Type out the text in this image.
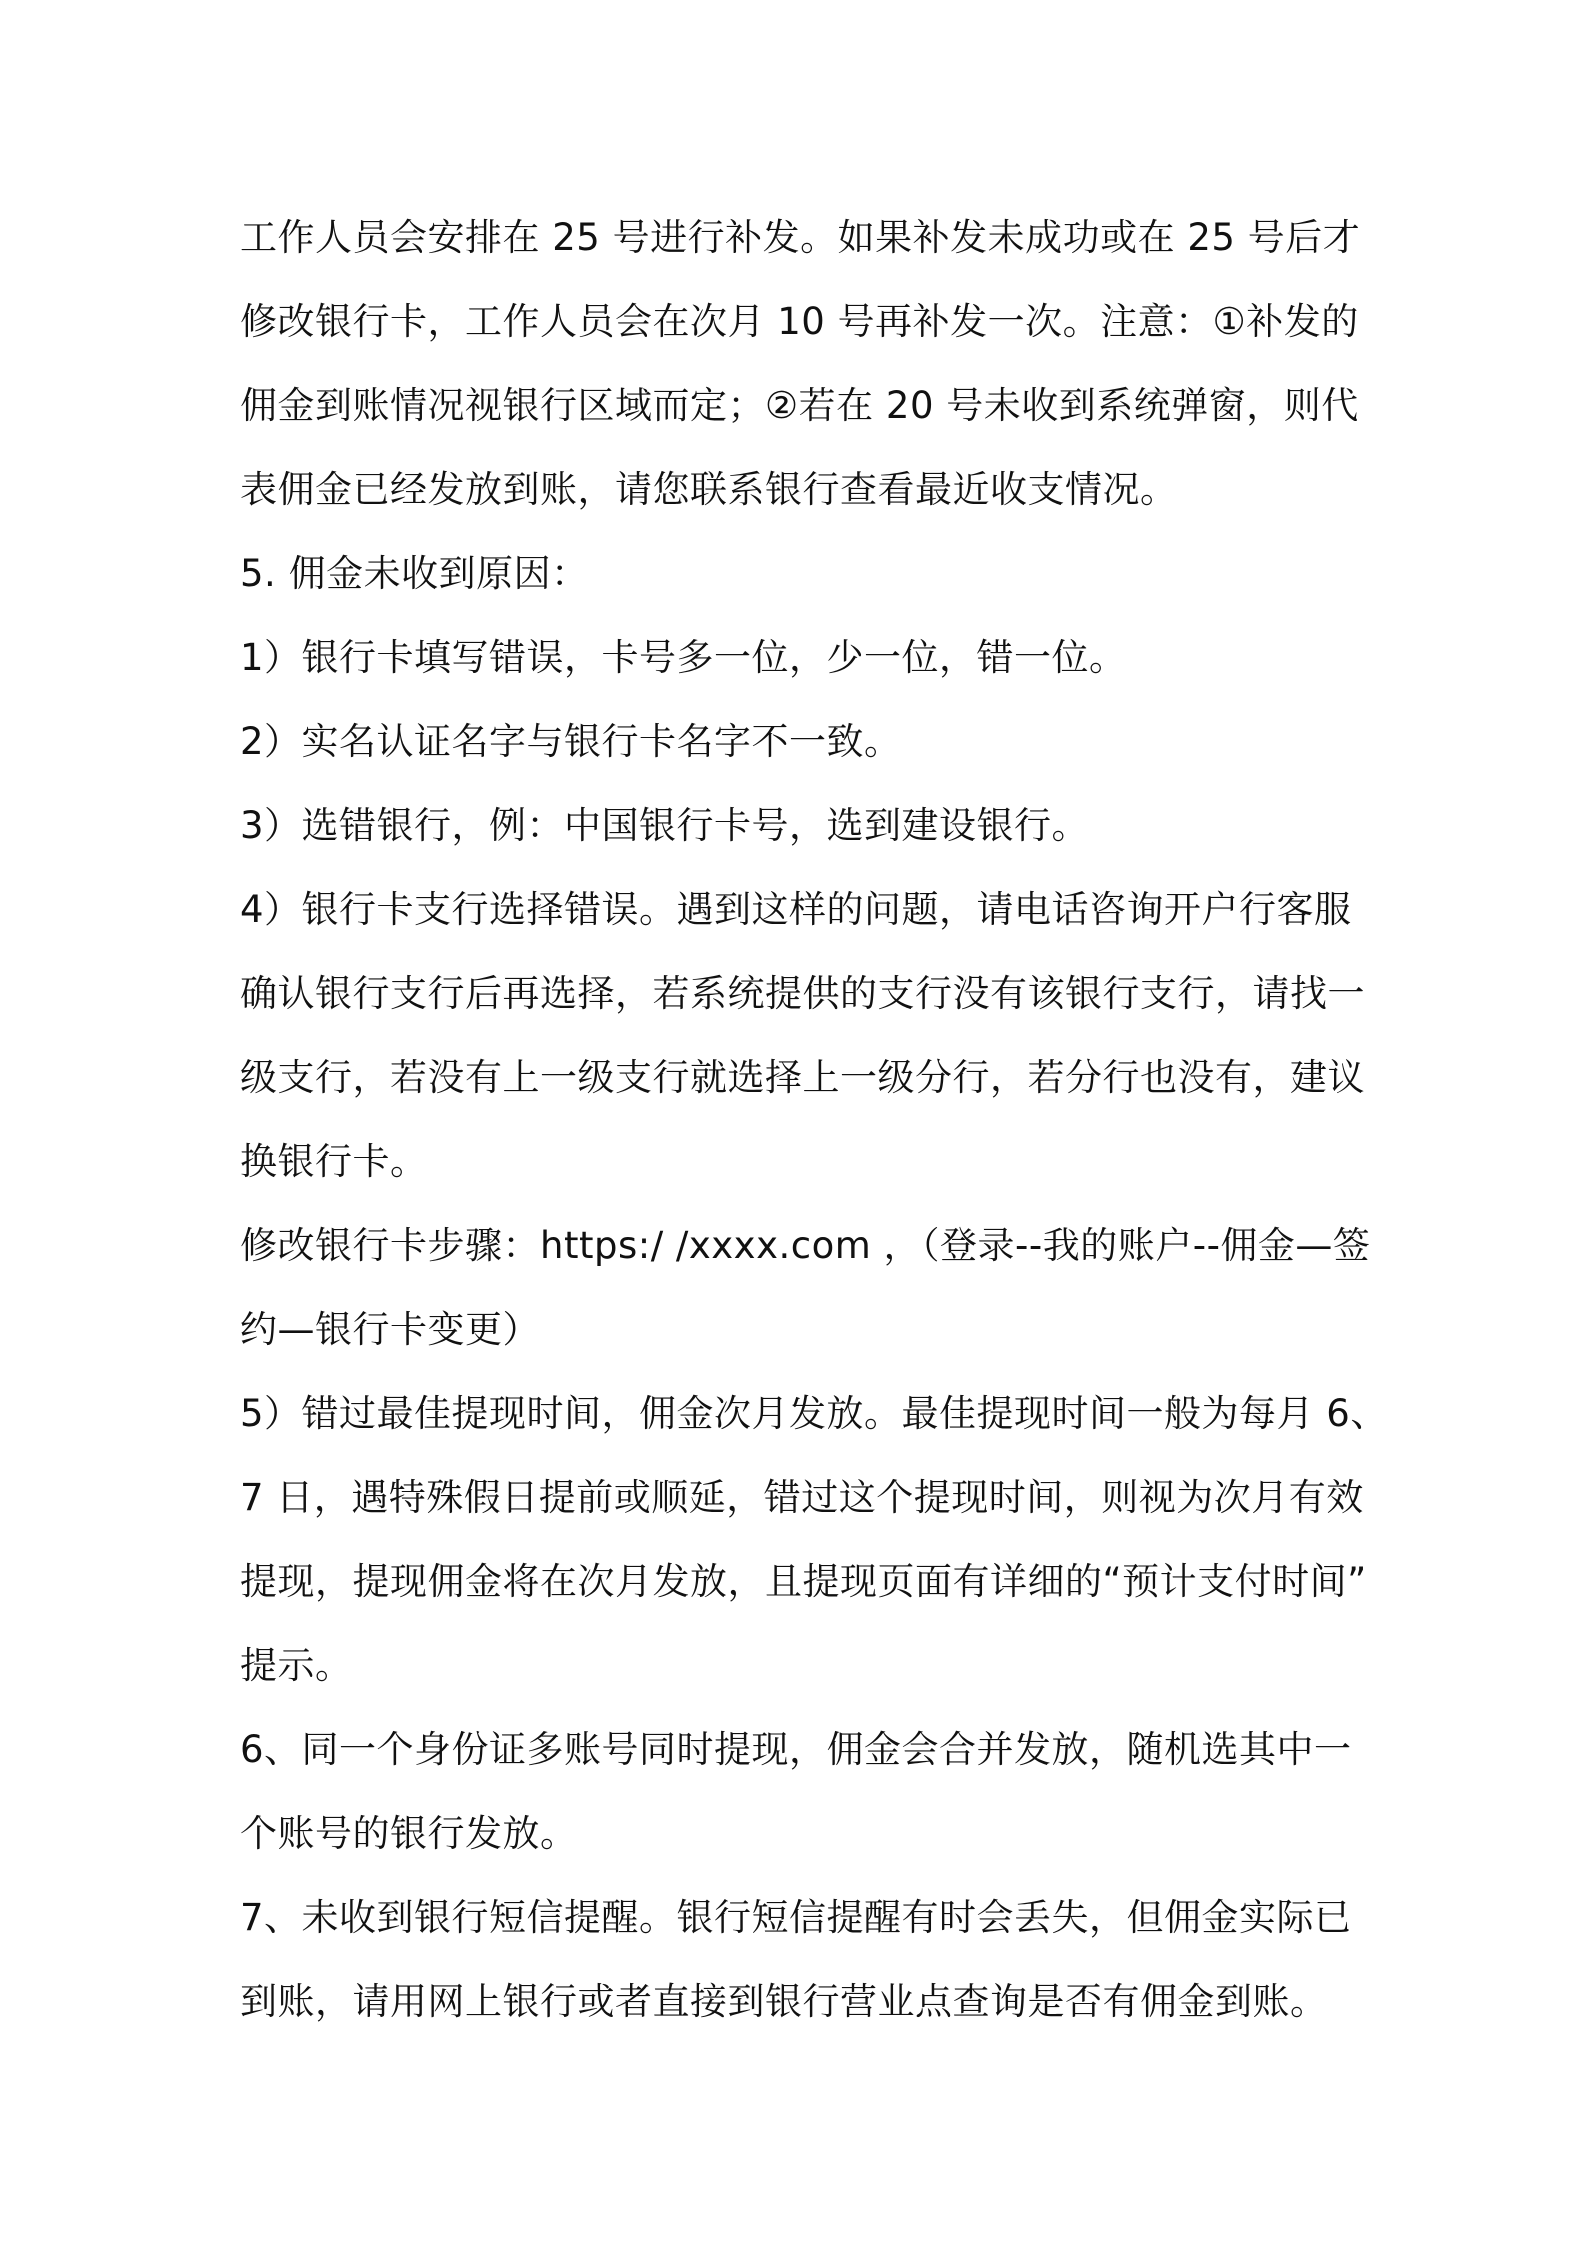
工作人员会安排在 25 号进行补发。如果补发未成功或在 25 号后才
修改银行卡，工作人员会在次月 10 号再补发一次。注意：①补发的
佣金到账情况视银行区域而定；②若在 20 号未收到系统弹窗，则代
表佣金已经发放到账，请您联系银行查看最近收支情况。
5. 佣金未收到原因：
1）银行卡填写错误，卡号多一位，少一位，错一位。
2）实名认证名字与银行卡名字不一致。
3）选错银行，例：中国银行卡号，选到建设银行。
4）银行卡支行选择错误。遇到这样的问题，请电话咨询开户行客服
确认银行支行后再选择，若系统提供的支行没有该银行支行，请找一
级支行，若没有上一级支行就选择上一级分行，若分行也没有，建议
换银行卡。
修改银行卡步骤：https:/ /xxxx.com ，（登录--我的账户--佣金—签
约—银行卡变更）
5）错过最佳提现时间，佣金次月发放。最佳提现时间一般为每月 6、
7 日，遇特殊假日提前或顺延，错过这个提现时间，则视为次月有效
提现，提现佣金将在次月发放，且提现页面有详细的“预计支付时间”
提示。
6、同一个身份证多账号同时提现，佣金会合并发放，随机选其中一
个账号的银行发放。
7、未收到银行短信提醒。银行短信提醒有时会丢失，但佣金实际已
到账，请用网上银行或者直接到银行营业点查询是否有佣金到账。
